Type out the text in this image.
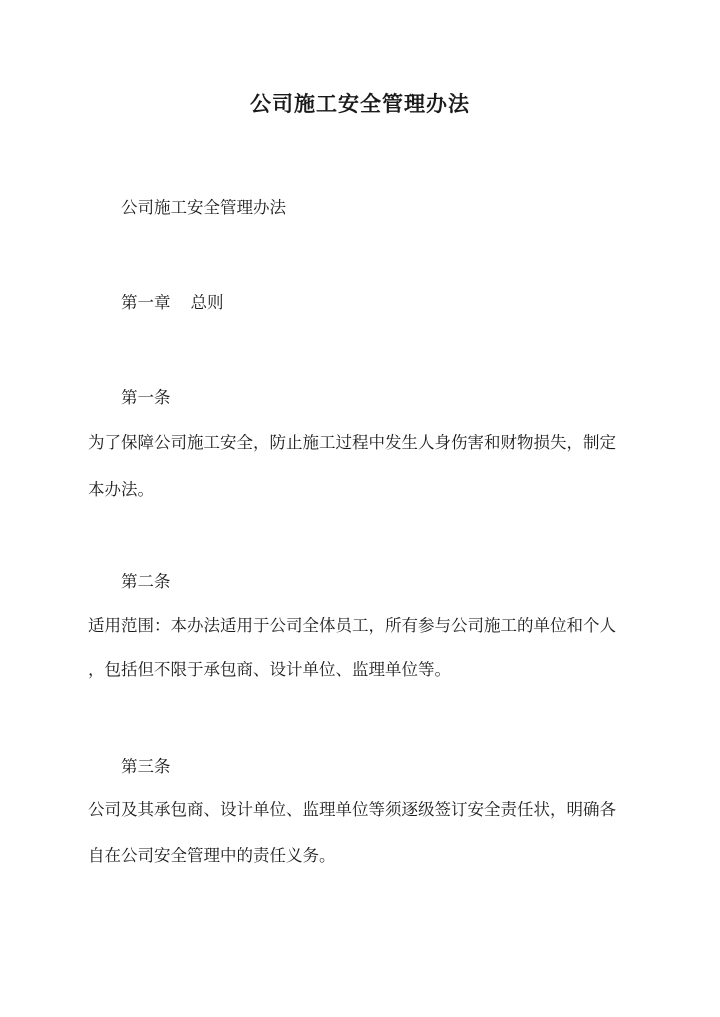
公司施工安全管理办法
公司施工安全管理办法
第一章 总则
第一条
为了保障公司施工安全，防止施工过程中发生人身伤害和财物损失，制定
本办法。
第二条
适用范围：本办法适用于公司全体员工，所有参与公司施工的单位和个人
，包括但不限于承包商、设计单位、监理单位等。
第三条
公司及其承包商、设计单位、监理单位等须逐级签订安全责任状，明确各
自在公司安全管理中的责任义务。
